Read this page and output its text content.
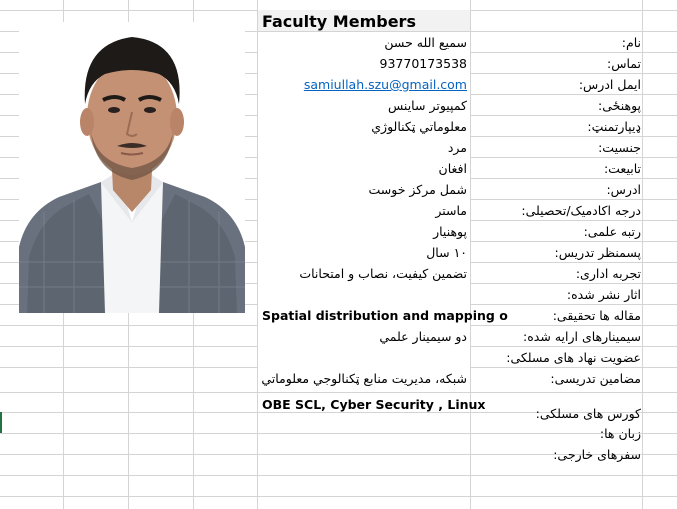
Faculty Members
نام:
سمیع الله حسن
تماس:
93770173538
ایمل ادرس:
samiullah.szu@gmail.com
پوهنځی:
کمپیوتر ساینس
ډیپارتمنټ:
معلوماتي ټکنالوژي
جنسیت:
مرد
تابیعت:
افغان
ادرس:
شمل مرکز خوست
درجه اکادمیک/تحصیلی:
ماستر
رتبه علمی:
پوهنیار
پسمنظر تدریس:
۱۰ سال
تجربه اداری:
تضمین کیفیت، نصاب و امتحانات
اثار نشر شده:
مقاله ها تحقیقی:
Spatial distribution and mapping o
سیمینارهای ارایه شده:
دو سیمینار علمي
عضویت نهاد های مسلکی:
مضامین تدریسی:
شبکه، مدیریت منابع ټکنالوجي معلوماتي
کورس های مسلکی:
OBE SCL, Cyber Security , Linux
زبان ها:
سفرهای خارجی:
